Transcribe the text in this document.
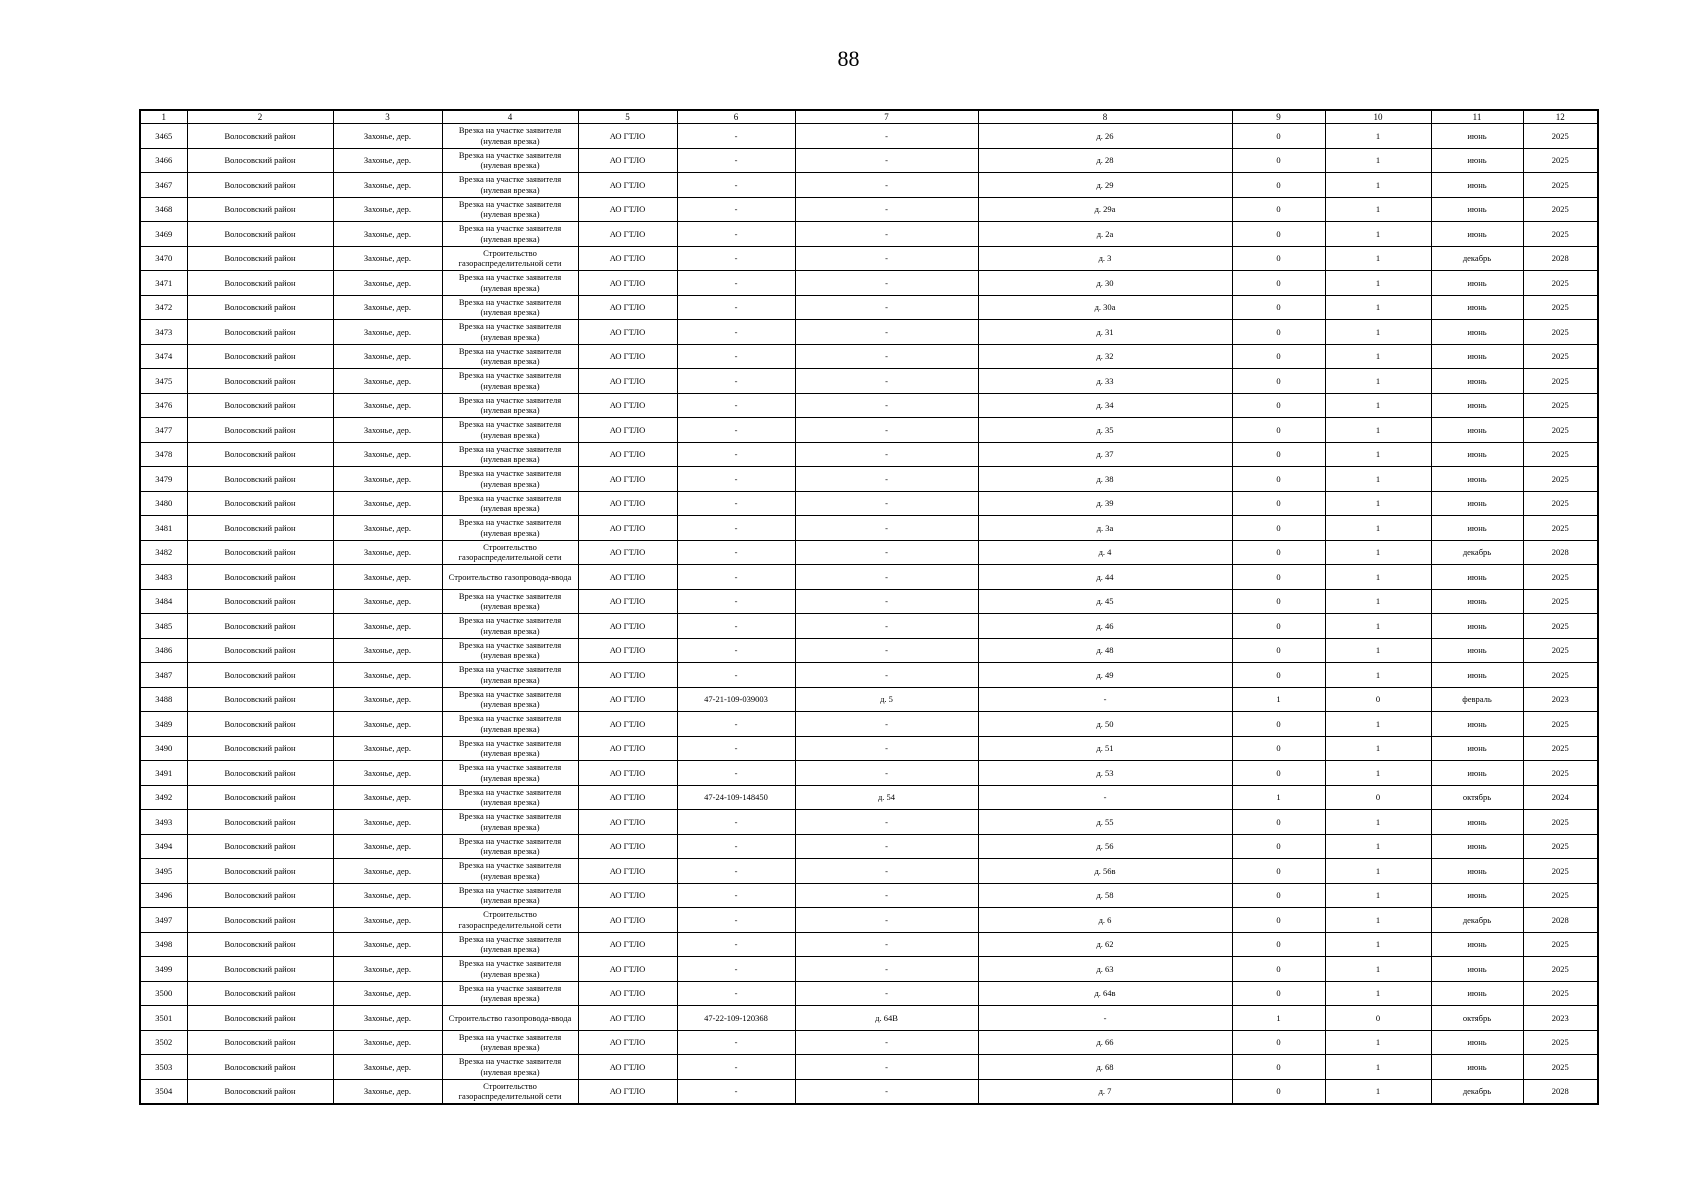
88
1	2	3	4	5	6	7	8	9	10	11	12
3465	Волосовский район	Захонье, дер.	Врезка на участке заявителя (нулевая врезка)	АО ГТЛО	-	-	д. 26	0	1	июнь	2025
3466	Волосовский район	Захонье, дер.	Врезка на участке заявителя (нулевая врезка)	АО ГТЛО	-	-	д. 28	0	1	июнь	2025
3467	Волосовский район	Захонье, дер.	Врезка на участке заявителя (нулевая врезка)	АО ГТЛО	-	-	д. 29	0	1	июнь	2025
3468	Волосовский район	Захонье, дер.	Врезка на участке заявителя (нулевая врезка)	АО ГТЛО	-	-	д. 29а	0	1	июнь	2025
3469	Волосовский район	Захонье, дер.	Врезка на участке заявителя (нулевая врезка)	АО ГТЛО	-	-	д. 2а	0	1	июнь	2025
3470	Волосовский район	Захонье, дер.	Строительство газораспределительной сети	АО ГТЛО	-	-	д. 3	0	1	декабрь	2028
3471	Волосовский район	Захонье, дер.	Врезка на участке заявителя (нулевая врезка)	АО ГТЛО	-	-	д. 30	0	1	июнь	2025
3472	Волосовский район	Захонье, дер.	Врезка на участке заявителя (нулевая врезка)	АО ГТЛО	-	-	д. 30а	0	1	июнь	2025
3473	Волосовский район	Захонье, дер.	Врезка на участке заявителя (нулевая врезка)	АО ГТЛО	-	-	д. 31	0	1	июнь	2025
3474	Волосовский район	Захонье, дер.	Врезка на участке заявителя (нулевая врезка)	АО ГТЛО	-	-	д. 32	0	1	июнь	2025
3475	Волосовский район	Захонье, дер.	Врезка на участке заявителя (нулевая врезка)	АО ГТЛО	-	-	д. 33	0	1	июнь	2025
3476	Волосовский район	Захонье, дер.	Врезка на участке заявителя (нулевая врезка)	АО ГТЛО	-	-	д. 34	0	1	июнь	2025
3477	Волосовский район	Захонье, дер.	Врезка на участке заявителя (нулевая врезка)	АО ГТЛО	-	-	д. 35	0	1	июнь	2025
3478	Волосовский район	Захонье, дер.	Врезка на участке заявителя (нулевая врезка)	АО ГТЛО	-	-	д. 37	0	1	июнь	2025
3479	Волосовский район	Захонье, дер.	Врезка на участке заявителя (нулевая врезка)	АО ГТЛО	-	-	д. 38	0	1	июнь	2025
3480	Волосовский район	Захонье, дер.	Врезка на участке заявителя (нулевая врезка)	АО ГТЛО	-	-	д. 39	0	1	июнь	2025
3481	Волосовский район	Захонье, дер.	Врезка на участке заявителя (нулевая врезка)	АО ГТЛО	-	-	д. 3а	0	1	июнь	2025
3482	Волосовский район	Захонье, дер.	Строительство газораспределительной сети	АО ГТЛО	-	-	д. 4	0	1	декабрь	2028
3483	Волосовский район	Захонье, дер.	Строительство газопровода-ввода	АО ГТЛО	-	-	д. 44	0	1	июнь	2025
3484	Волосовский район	Захонье, дер.	Врезка на участке заявителя (нулевая врезка)	АО ГТЛО	-	-	д. 45	0	1	июнь	2025
3485	Волосовский район	Захонье, дер.	Врезка на участке заявителя (нулевая врезка)	АО ГТЛО	-	-	д. 46	0	1	июнь	2025
3486	Волосовский район	Захонье, дер.	Врезка на участке заявителя (нулевая врезка)	АО ГТЛО	-	-	д. 48	0	1	июнь	2025
3487	Волосовский район	Захонье, дер.	Врезка на участке заявителя (нулевая врезка)	АО ГТЛО	-	-	д. 49	0	1	июнь	2025
3488	Волосовский район	Захонье, дер.	Врезка на участке заявителя (нулевая врезка)	АО ГТЛО	47-21-109-039003	д. 5	-	1	0	февраль	2023
3489	Волосовский район	Захонье, дер.	Врезка на участке заявителя (нулевая врезка)	АО ГТЛО	-	-	д. 50	0	1	июнь	2025
3490	Волосовский район	Захонье, дер.	Врезка на участке заявителя (нулевая врезка)	АО ГТЛО	-	-	д. 51	0	1	июнь	2025
3491	Волосовский район	Захонье, дер.	Врезка на участке заявителя (нулевая врезка)	АО ГТЛО	-	-	д. 53	0	1	июнь	2025
3492	Волосовский район	Захонье, дер.	Врезка на участке заявителя (нулевая врезка)	АО ГТЛО	47-24-109-148450	д. 54	-	1	0	октябрь	2024
3493	Волосовский район	Захонье, дер.	Врезка на участке заявителя (нулевая врезка)	АО ГТЛО	-	-	д. 55	0	1	июнь	2025
3494	Волосовский район	Захонье, дер.	Врезка на участке заявителя (нулевая врезка)	АО ГТЛО	-	-	д. 56	0	1	июнь	2025
3495	Волосовский район	Захонье, дер.	Врезка на участке заявителя (нулевая врезка)	АО ГТЛО	-	-	д. 56в	0	1	июнь	2025
3496	Волосовский район	Захонье, дер.	Врезка на участке заявителя (нулевая врезка)	АО ГТЛО	-	-	д. 58	0	1	июнь	2025
3497	Волосовский район	Захонье, дер.	Строительство газораспределительной сети	АО ГТЛО	-	-	д. 6	0	1	декабрь	2028
3498	Волосовский район	Захонье, дер.	Врезка на участке заявителя (нулевая врезка)	АО ГТЛО	-	-	д. 62	0	1	июнь	2025
3499	Волосовский район	Захонье, дер.	Врезка на участке заявителя (нулевая врезка)	АО ГТЛО	-	-	д. 63	0	1	июнь	2025
3500	Волосовский район	Захонье, дер.	Врезка на участке заявителя (нулевая врезка)	АО ГТЛО	-	-	д. 64в	0	1	июнь	2025
3501	Волосовский район	Захонье, дер.	Строительство газопровода-ввода	АО ГТЛО	47-22-109-120368	д. 64В	-	1	0	октябрь	2023
3502	Волосовский район	Захонье, дер.	Врезка на участке заявителя (нулевая врезка)	АО ГТЛО	-	-	д. 66	0	1	июнь	2025
3503	Волосовский район	Захонье, дер.	Врезка на участке заявителя (нулевая врезка)	АО ГТЛО	-	-	д. 68	0	1	июнь	2025
3504	Волосовский район	Захонье, дер.	Строительство газораспределительной сети	АО ГТЛО	-	-	д. 7	0	1	декабрь	2028
